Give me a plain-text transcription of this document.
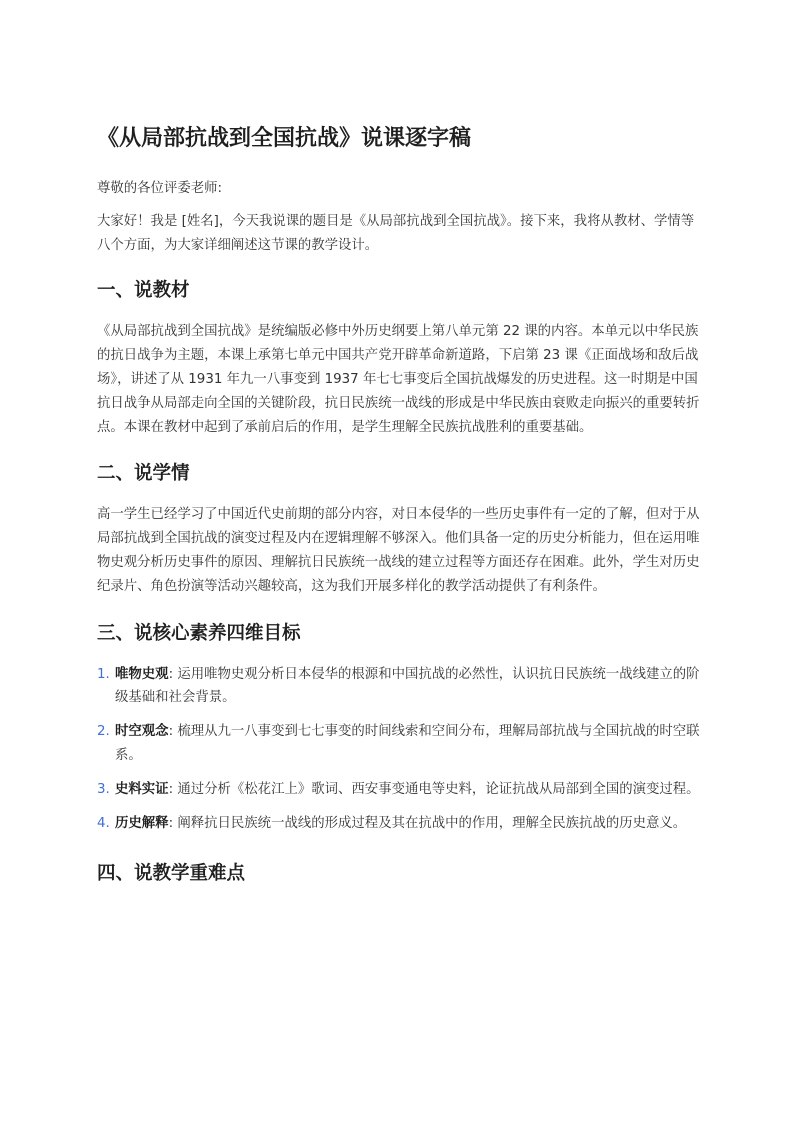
《从局部抗战到全国抗战》说课逐字稿

尊敬的各位评委老师:

大家好！我是 [姓名]，今天我说课的题目是《从局部抗战到全国抗战》。接下来，我将从教材、学情等八个方面，为大家详细阐述这节课的教学设计。

一、说教材

《从局部抗战到全国抗战》是统编版必修中外历史纲要上第八单元第 22 课的内容。本单元以中华民族的抗日战争为主题，本课上承第七单元中国共产党开辟革命新道路，下启第 23 课《正面战场和敌后战场》，讲述了从 1931 年九一八事变到 1937 年七七事变后全国抗战爆发的历史进程。这一时期是中国抗日战争从局部走向全国的关键阶段，抗日民族统一战线的形成是中华民族由衰败走向振兴的重要转折点。本课在教材中起到了承前启后的作用，是学生理解全民族抗战胜利的重要基础。

二、说学情

高一学生已经学习了中国近代史前期的部分内容，对日本侵华的一些历史事件有一定的了解，但对于从局部抗战到全国抗战的演变过程及内在逻辑理解不够深入。他们具备一定的历史分析能力，但在运用唯物史观分析历史事件的原因、理解抗日民族统一战线的建立过程等方面还存在困难。此外，学生对历史纪录片、角色扮演等活动兴趣较高，这为我们开展多样化的教学活动提供了有利条件。

三、说核心素养四维目标
1. 唯物史观: 运用唯物史观分析日本侵华的根源和中国抗战的必然性，认识抗日民族统一战线建立的阶级基础和社会背景。
2. 时空观念: 梳理从九一八事变到七七事变的时间线索和空间分布，理解局部抗战与全国抗战的时空联系。
3. 史料实证: 通过分析《松花江上》歌词、西安事变通电等史料，论证抗战从局部到全国的演变过程。
4. 历史解释: 阐释抗日民族统一战线的形成过程及其在抗战中的作用，理解全民族抗战的历史意义。
四、说教学重难点
